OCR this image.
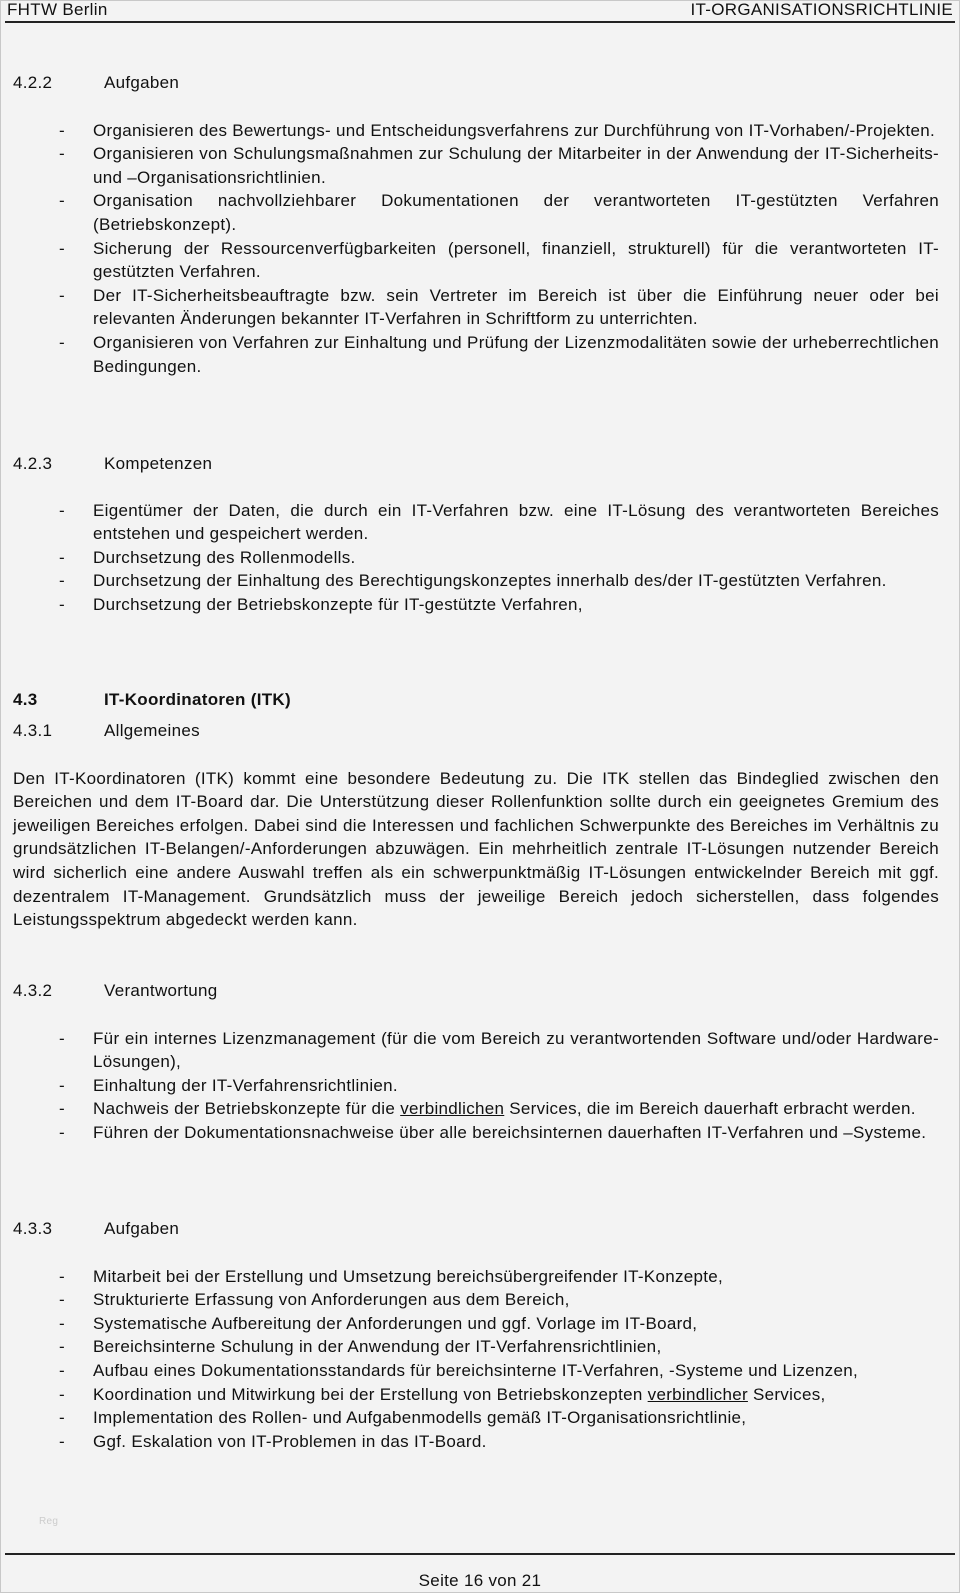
FHTW Berlin	IT-ORGANISATIONSRICHTLINIE
4.2.2	Aufgaben
- Organisieren des Bewertungs- und Entscheidungsverfahrens zur Durchführung von IT-Vorhaben/-Projekten.
- Organisieren von Schulungsmaßnahmen zur Schulung der Mitarbeiter in der Anwendung der IT-Sicherheits- und –Organisationsrichtlinien.
- Organisation nachvollziehbarer Dokumentationen der verantworteten IT-gestützten Verfahren (Betriebskonzept).
- Sicherung der Ressourcenverfügbarkeiten (personell, finanziell, strukturell) für die verantworteten IT-gestützten Verfahren.
- Der IT-Sicherheitsbeauftragte bzw. sein Vertreter im Bereich ist über die Einführung neuer oder bei relevanten Änderungen bekannter IT-Verfahren in Schriftform zu unterrichten.
- Organisieren von Verfahren zur Einhaltung und Prüfung der Lizenzmodalitäten sowie der urheberrechtlichen Bedingungen.
4.2.3	Kompetenzen
- Eigentümer der Daten, die durch ein IT-Verfahren bzw. eine IT-Lösung des verantworteten Bereiches entstehen und gespeichert werden.
- Durchsetzung des Rollenmodells.
- Durchsetzung der Einhaltung des Berechtigungskonzeptes innerhalb des/der IT-gestützten Verfahren.
- Durchsetzung der Betriebskonzepte für IT-gestützte Verfahren,
4.3	IT-Koordinatoren (ITK)
4.3.1	Allgemeines
Den IT-Koordinatoren (ITK) kommt eine besondere Bedeutung zu. Die ITK stellen das Bindeglied zwischen den Bereichen und dem IT-Board dar. Die Unterstützung dieser Rollenfunktion sollte durch ein geeignetes Gremium des jeweiligen Bereiches erfolgen. Dabei sind die Interessen und fachlichen Schwerpunkte des Bereiches im Verhältnis zu grundsätzlichen IT-Belangen/-Anforderungen abzuwägen. Ein mehrheitlich zentrale IT-Lösungen nutzender Bereich wird sicherlich eine andere Auswahl treffen als ein schwerpunktmäßig IT-Lösungen entwickelnder Bereich mit ggf. dezentralem IT-Management. Grundsätzlich muss der jeweilige Bereich jedoch sicherstellen, dass folgendes Leistungsspektrum abgedeckt werden kann.
4.3.2	Verantwortung
- Für ein internes Lizenzmanagement (für die vom Bereich zu verantwortenden Software und/oder Hardware-Lösungen),
- Einhaltung der IT-Verfahrensrichtlinien.
- Nachweis der Betriebskonzepte für die verbindlichen Services, die im Bereich dauerhaft erbracht werden.
- Führen der Dokumentationsnachweise über alle bereichsinternen dauerhaften IT-Verfahren und –Systeme.
4.3.3	Aufgaben
- Mitarbeit bei der Erstellung und Umsetzung bereichsübergreifender IT-Konzepte,
- Strukturierte Erfassung von Anforderungen aus dem Bereich,
- Systematische Aufbereitung der Anforderungen und ggf. Vorlage im IT-Board,
- Bereichsinterne Schulung in der Anwendung der IT-Verfahrensrichtlinien,
- Aufbau eines Dokumentationsstandards für bereichsinterne IT-Verfahren, -Systeme und Lizenzen,
- Koordination und Mitwirkung bei der Erstellung von Betriebskonzepten verbindlicher Services,
- Implementation des Rollen- und Aufgabenmodells gemäß IT-Organisationsrichtlinie,
- Ggf. Eskalation von IT-Problemen in das IT-Board.
Reg
Seite 16 von 21
